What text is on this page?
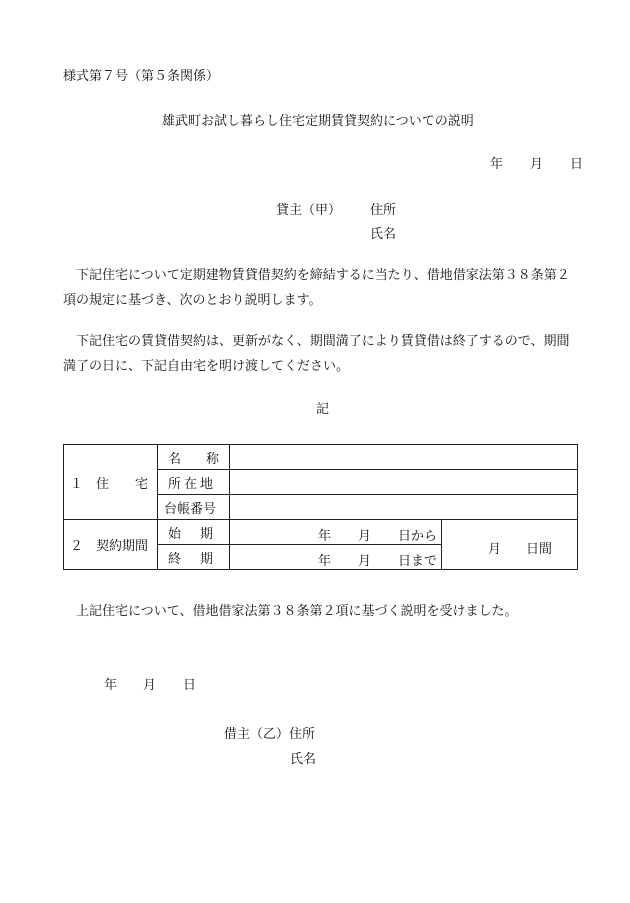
様式第７号（第５条関係）
雄武町お試し暮らし住宅定期賃貸契約についての説明
年 月 日
貸主（甲） 住所
氏名
下記住宅について定期建物賃貸借契約を締結するに当たり、借地借家法第３８条第２項の規定に基づき、次のとおり説明します。
下記住宅の賃貸借契約は、更新がなく、期間満了により賃貸借は終了するので、期間満了の日に、下記自由宅を明け渡してください。
記
１　住　　宅	名 称		

	所 在 地		

	台帳番号		
２　契約期間	始 期	年 月 日から	月 日間

	終 期	年 月 日まで	
上記住宅について、借地借家法第３８条第２項に基づく説明を受けました。
年 月 日
借主（乙）住所
氏名
